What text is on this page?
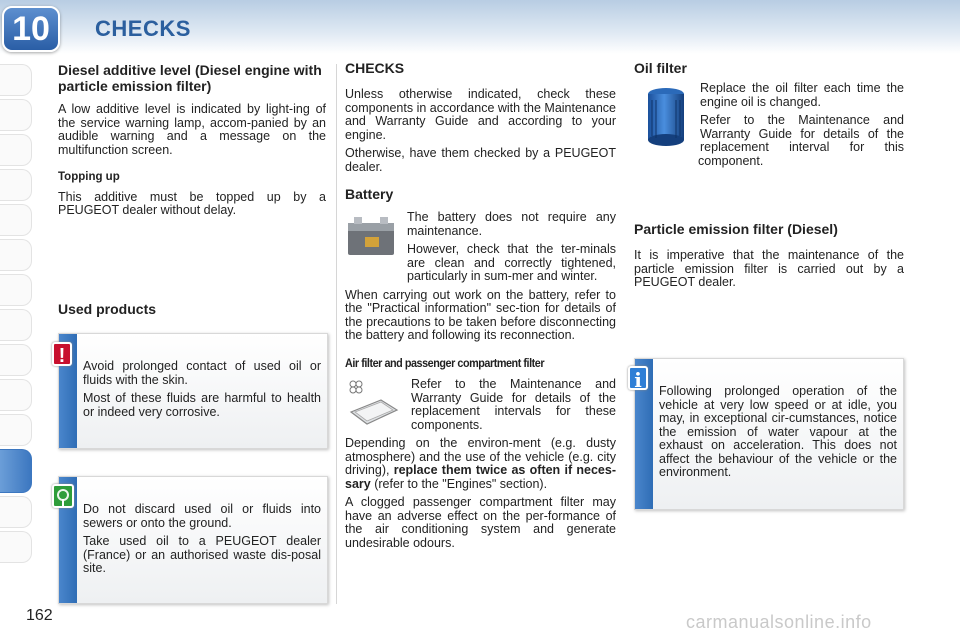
10	CHECKS
Diesel additive level (Diesel engine with particle emission filter)

A low additive level is indicated by light-ing of the service warning lamp, accom-panied by an audible warning and a message on the multifunction screen.

Topping up

This additive must be topped up by a PEUGEOT dealer without delay.

Used products

Avoid prolonged contact of used oil or fluids with the skin.

Most of these fluids are harmful to health or indeed very corrosive.

!

Do not discard used oil or fluids into sewers or onto the ground.

Take used oil to a PEUGEOT dealer (France) or an authorised waste dis-posal site.

CHECKS

Unless otherwise indicated, check these components in accordance with the Maintenance and Warranty Guide and according to your engine.

Otherwise, have them checked by a PEUGEOT dealer.

Battery

The battery does not require any maintenance.

However, check that the ter-minals are clean and correctly tightened, particularly in sum-mer and winter.

When carrying out work on the battery, refer to the "Practical information" sec-tion for details of the precautions to be taken before disconnecting the battery and following its reconnection.

Air filter and passenger compartment filter

Refer to the Maintenance and Warranty Guide for details of the replacement intervals for these components.

Depending on the environ-ment (e.g. dusty atmosphere) and the use of the vehicle (e.g. city driving), replace them twice as often if neces-sary (refer to the "Engines" section).

A clogged passenger compartment filter may have an adverse effect on the per-formance of the air conditioning system and generate undesirable odours.

Oil filter

Replace the oil filter each time the engine oil is changed.

Refer to the Maintenance and Warranty Guide for details of the replacement interval for this component.

Particle emission filter (Diesel)

It is imperative that the maintenance of the particle emission filter is carried out by a PEUGEOT dealer.

Following prolonged operation of the vehicle at very low speed or at idle, you may, in exceptional cir-cumstances, notice the emission of water vapour at the exhaust on acceleration. This does not affect the behaviour of the vehicle or the environment.

i
162	carmanualsonline.info
